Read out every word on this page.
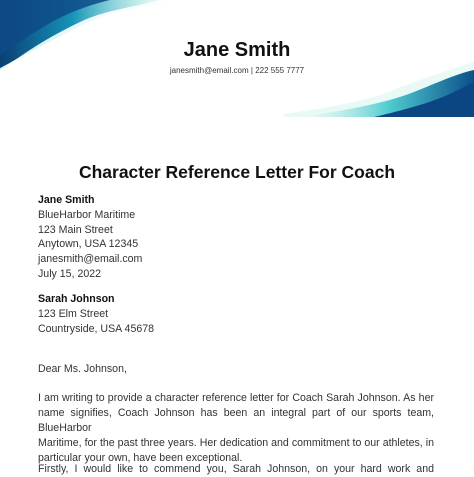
Jane Smith
janesmith@email.com | 222 555 7777
Character Reference Letter For Coach
Jane Smith
BlueHarbor Maritime
123 Main Street
Anytown, USA 12345
janesmith@email.com
July 15, 2022
Sarah Johnson
123 Elm Street
Countryside, USA 45678
Dear Ms. Johnson,
I am writing to provide a character reference letter for Coach Sarah Johnson. As her
name signifies, Coach Johnson has been an integral part of our sports team, BlueHarbor
Maritime, for the past three years. Her dedication and commitment to our athletes, in
particular your own, have been exceptional.
Firstly, I would like to commend you, Sarah Johnson, on your hard work and
